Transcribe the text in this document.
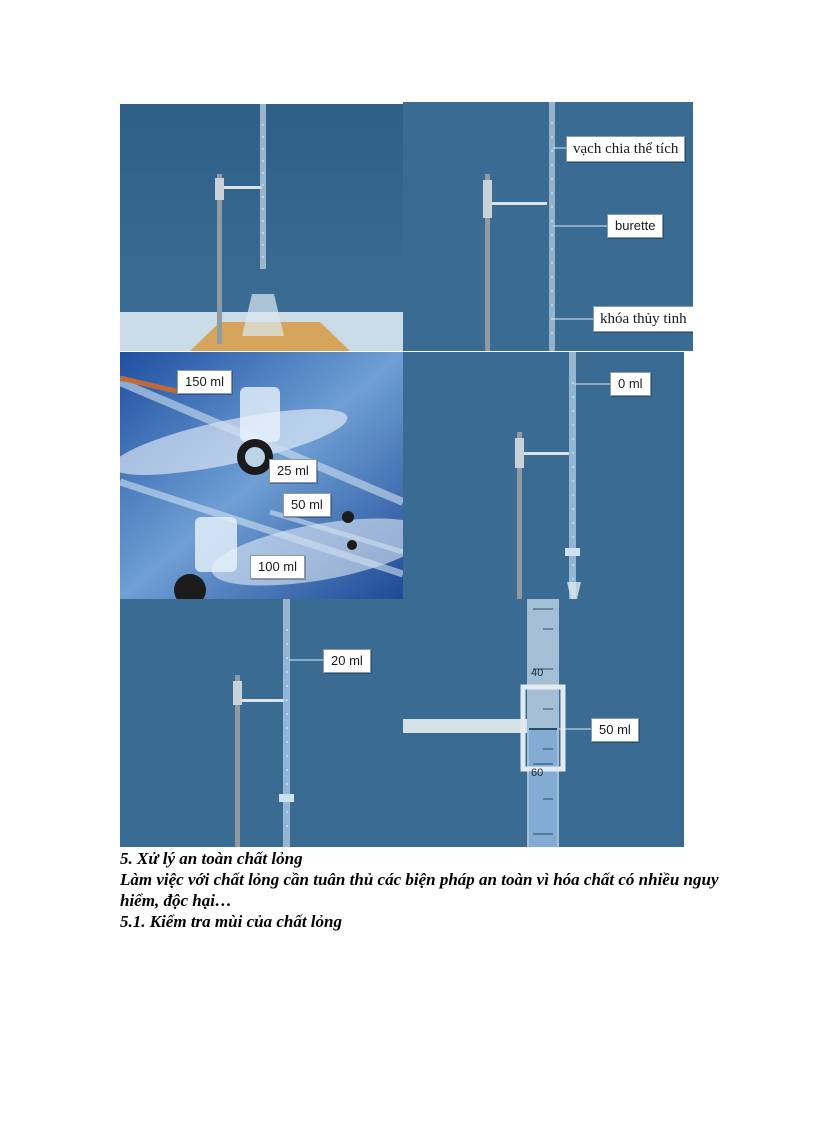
vạch chia thể tích
burette
khóa thủy tinh
150 ml
25 ml
50 ml
100 ml
0 ml
20 ml
40
60
50 ml

5. Xử lý an toàn chất lỏng

Làm việc với chất lỏng cần tuân thủ các biện pháp an toàn vì hóa chất có nhiều nguy hiểm, độc hại…

5.1. Kiểm tra mùi của chất lỏng
